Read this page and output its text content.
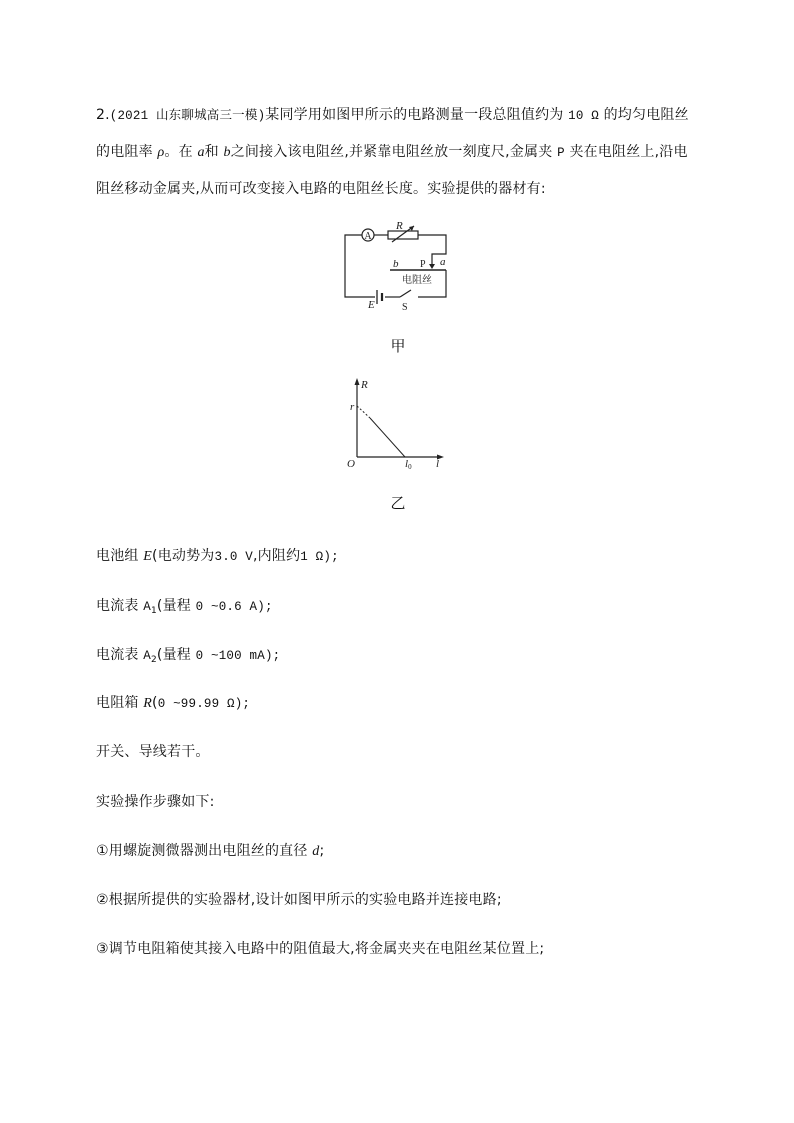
2.(2021 山东聊城高三一模)某同学用如图甲所示的电路测量一段总阻值约为 10 Ω 的均匀电阻丝
的电阻率 ρ。在 a和 b之间接入该电阻丝,并紧靠电阻丝放一刻度尺,金属夹 P 夹在电阻丝上,沿电
阻丝移动金属夹,从而可改变接入电路的电阻丝长度。实验提供的器材有:
A
R
b P a
电阻丝
E	S
甲
R
r
O	l0 l
乙
电池组 E(电动势为3.0 V,内阻约1 Ω);
电流表 $A_1$(量程 0 ~0.6 A);
电流表 $A_2$(量程 0 ~100 mA);
电阻箱 R(0 ~99.99 Ω);
开关、导线若干。
实验操作步骤如下:
①用螺旋测微器测出电阻丝的直径 d;
②根据所提供的实验器材,设计如图甲所示的实验电路并连接电路;
③调节电阻箱使其接入电路中的阻值最大,将金属夹夹在电阻丝某位置上;
